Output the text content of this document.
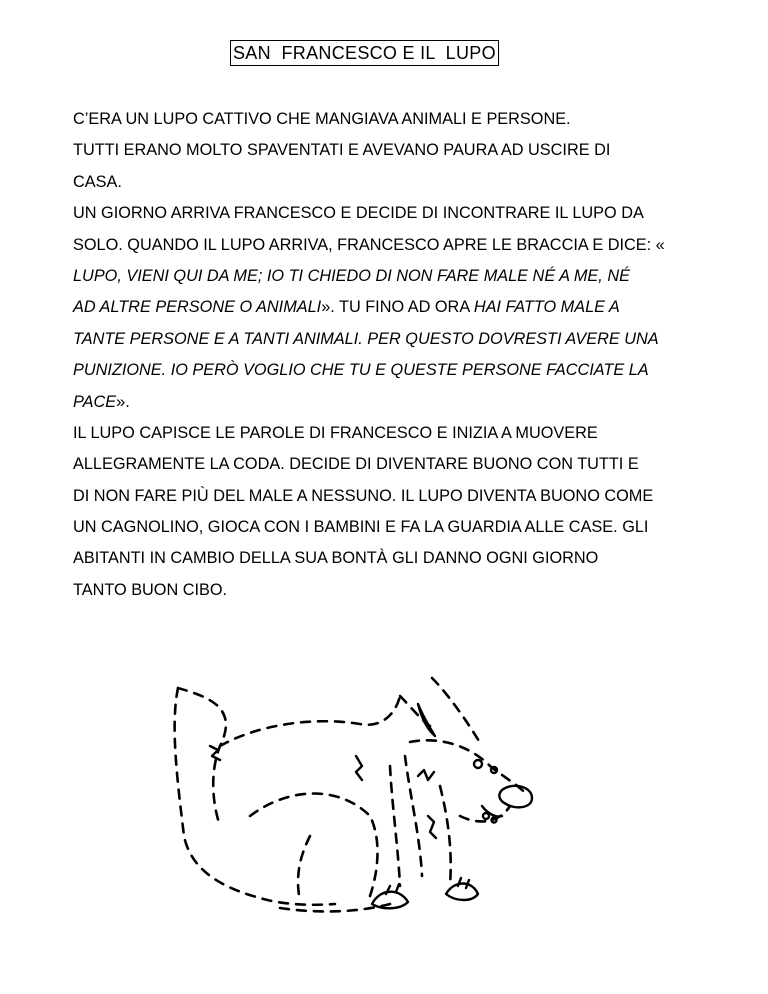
SAN  FRANCESCO E IL  LUPO
C’ERA UN LUPO CATTIVO CHE MANGIAVA ANIMALI E PERSONE.
TUTTI ERANO MOLTO SPAVENTATI E AVEVANO PAURA AD USCIRE DI
CASA.
UN GIORNO ARRIVA FRANCESCO E DECIDE DI INCONTRARE IL LUPO DA
SOLO. QUANDO IL LUPO ARRIVA, FRANCESCO APRE LE BRACCIA E DICE: «
LUPO, VIENI QUI DA ME; IO TI CHIEDO DI NON FARE MALE NÉ A ME, NÉ
AD ALTRE PERSONE O ANIMALI». TU FINO AD ORA HAI FATTO MALE A
TANTE PERSONE E A TANTI ANIMALI. PER QUESTO DOVRESTI AVERE UNA
PUNIZIONE. IO PERÒ VOGLIO CHE TU E QUESTE PERSONE FACCIATE LA
PACE».
IL LUPO CAPISCE LE PAROLE DI FRANCESCO E INIZIA A MUOVERE
ALLEGRAMENTE LA CODA. DECIDE DI DIVENTARE BUONO CON TUTTI E
DI NON FARE PIÙ DEL MALE A NESSUNO. IL LUPO DIVENTA BUONO COME
UN CAGNOLINO, GIOCA CON I BAMBINI E FA LA GUARDIA ALLE CASE. GLI
ABITANTI IN CAMBIO DELLA SUA BONTÀ GLI DANNO OGNI GIORNO
TANTO BUON CIBO.
